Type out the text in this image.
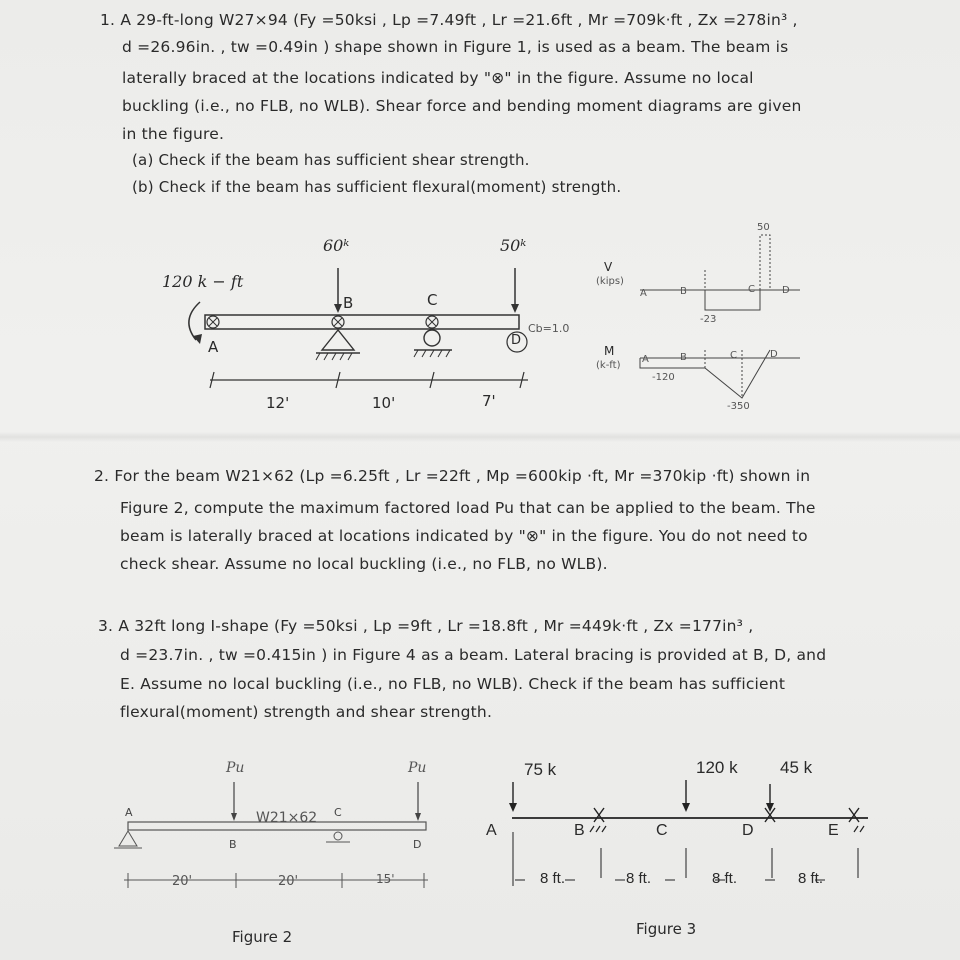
1. A 29-ft-long W27×94 (Fy =50ksi , Lp =7.49ft , Lr =21.6ft , Mr =709k·ft , Zx =278in³ ,
d =26.96in. , tw =0.49in ) shape shown in Figure 1, is used as a beam. The beam is
laterally braced at the locations indicated by "⊗" in the figure. Assume no local
buckling (i.e., no FLB, no WLB). Shear force and bending moment diagrams are given
in the figure.
(a) Check if the beam has sufficient shear strength.
(b) Check if the beam has sufficient flexural(moment) strength.
60ᵏ	50ᵏ
120 k − ft
A
B	C
D
Cb=1.0
12'	10'	7'
V
(kips)
A	B	C	D
50
-23
M
(k-ft)
A	B	C	D
-120
-350
2. For the beam W21×62 (Lp =6.25ft , Lr =22ft , Mp =600kip ·ft, Mr =370kip ·ft) shown in
Figure 2, compute the maximum factored load Pu that can be applied to the beam. The
beam is laterally braced at locations indicated by "⊗" in the figure. You do not need to
check shear. Assume no local buckling (i.e., no FLB, no WLB).
3. A 32ft long I-shape (Fy =50ksi , Lp =9ft , Lr =18.8ft , Mr =449k·ft , Zx =177in³ ,
d =23.7in. , tw =0.415in ) in Figure 4 as a beam. Lateral bracing is provided at B, D, and
E. Assume no local buckling (i.e., no FLB, no WLB). Check if the beam has sufficient
flexural(moment) strength and shear strength.
Pu	Pu
W21×62
A
B
C
D
20'	20'	15'
Figure 2
75 k	120 k 45 k
A	B	C	D	E
8 ft.	8 ft.	8 ft.	8 ft.
Figure 3
